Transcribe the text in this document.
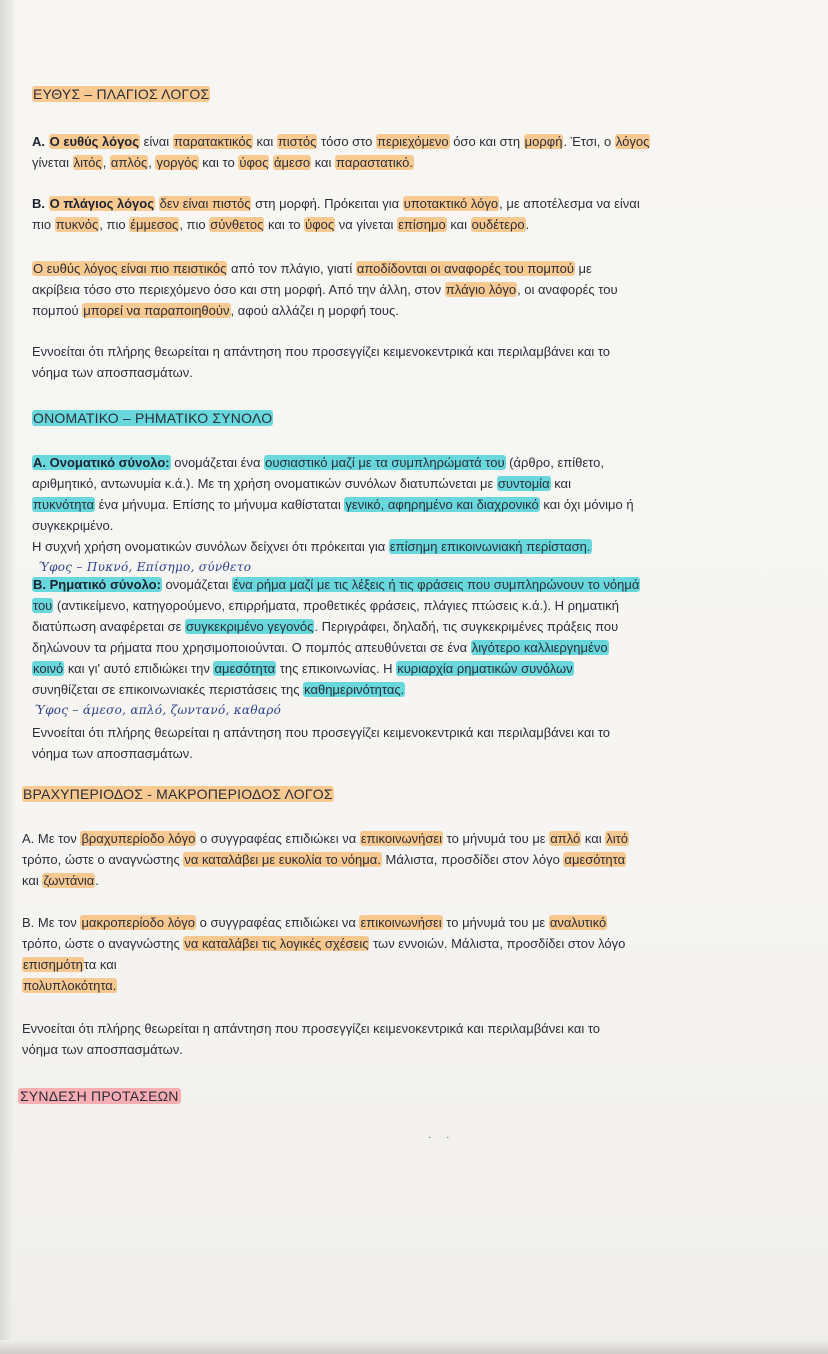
ΕΥΘΥΣ – ΠΛΑΓΙΟΣ ΛΟΓΟΣ
Α. Ο ευθύς λόγος είναι παρατακτικός και πιστός τόσο στο περιεχόμενο όσο και στη μορφή. Έτσι, ο λόγος
γίνεται λιτός, απλός, γοργός και το ύφος άμεσο και παραστατικό.
Β. Ο πλάγιος λόγος δεν είναι πιστός στη μορφή. Πρόκειται για υποτακτικό λόγο, με αποτέλεσμα να είναι
πιο πυκνός, πιο έμμεσος, πιο σύνθετος και το ύφος να γίνεται επίσημο και ουδέτερο.
Ο ευθύς λόγος είναι πιο πειστικός από τον πλάγιο, γιατί αποδίδονται οι αναφορές του πομπού με
ακρίβεια τόσο στο περιεχόμενο όσο και στη μορφή. Από την άλλη, στον πλάγιο λόγο, οι αναφορές του
πομπού μπορεί να παραποιηθούν, αφού αλλάζει η μορφή τους.
Εννοείται ότι πλήρης θεωρείται η απάντηση που προσεγγίζει κειμενοκεντρικά και περιλαμβάνει και το
νόημα των αποσπασμάτων.
ΟΝΟΜΑΤΙΚΟ – ΡΗΜΑΤΙΚΟ ΣΥΝΟΛΟ
Α. Ονοματικό σύνολο: ονομάζεται ένα ουσιαστικό μαζί με τα συμπληρώματά του (άρθρο, επίθετο,
αριθμητικό, αντωνυμία κ.ά.). Με τη χρήση ονοματικών συνόλων διατυπώνεται με συντομία και
πυκνότητα ένα μήνυμα. Επίσης το μήνυμα καθίσταται γενικό, αφηρημένο και διαχρονικό και όχι μόνιμο ή
συγκεκριμένο.
Η συχνή χρήση ονοματικών συνόλων δείχνει ότι πρόκειται για επίσημη επικοινωνιακή περίσταση.
Ύφος – Πυκνό, Επίσημο, σύνθετο
Β. Ρηματικό σύνολο: ονομάζεται ένα ρήμα μαζί με τις λέξεις ή τις φράσεις που συμπληρώνουν το νόημά
του (αντικείμενο, κατηγορούμενο, επιρρήματα, προθετικές φράσεις, πλάγιες πτώσεις κ.ά.). Η ρηματική
διατύπωση αναφέρεται σε συγκεκριμένο γεγονός. Περιγράφει, δηλαδή, τις συγκεκριμένες πράξεις που
δηλώνουν τα ρήματα που χρησιμοποιούνται. Ο πομπός απευθύνεται σε ένα λιγότερο καλλιεργημένο
κοινό και γι' αυτό επιδιώκει την αμεσότητα της επικοινωνίας. Η κυριαρχία ρηματικών συνόλων
συνηθίζεται σε επικοινωνιακές περιστάσεις της καθημερινότητας.
Ύφος – άμεσο, απλό, ζωντανό, καθαρό
Εννοείται ότι πλήρης θεωρείται η απάντηση που προσεγγίζει κειμενοκεντρικά και περιλαμβάνει και το
νόημα των αποσπασμάτων.
ΒΡΑΧΥΠΕΡΙΟΔΟΣ - ΜΑΚΡΟΠΕΡΙΟΔΟΣ ΛΟΓΟΣ
Α. Με τον βραχυπερίοδο λόγο ο συγγραφέας επιδιώκει να επικοινωνήσει το μήνυμά του με απλό και λιτό
τρόπο, ώστε ο αναγνώστης να καταλάβει με ευκολία το νόημα. Μάλιστα, προσδίδει στον λόγο αμεσότητα
και ζωντάνια.
Β. Με τον μακροπερίοδο λόγο ο συγγραφέας επιδιώκει να επικοινωνήσει το μήνυμά του με αναλυτικό
τρόπο, ώστε ο αναγνώστης να καταλάβει τις λογικές σχέσεις των εννοιών. Μάλιστα, προσδίδει στον λόγο
επισημότητα και
πολυπλοκότητα.
Εννοείται ότι πλήρης θεωρείται η απάντηση που προσεγγίζει κειμενοκεντρικά και περιλαμβάνει και το
νόημα των αποσπασμάτων.
ΣΥΝΔΕΣΗ ΠΡΟΤΑΣΕΩΝ
· ·
